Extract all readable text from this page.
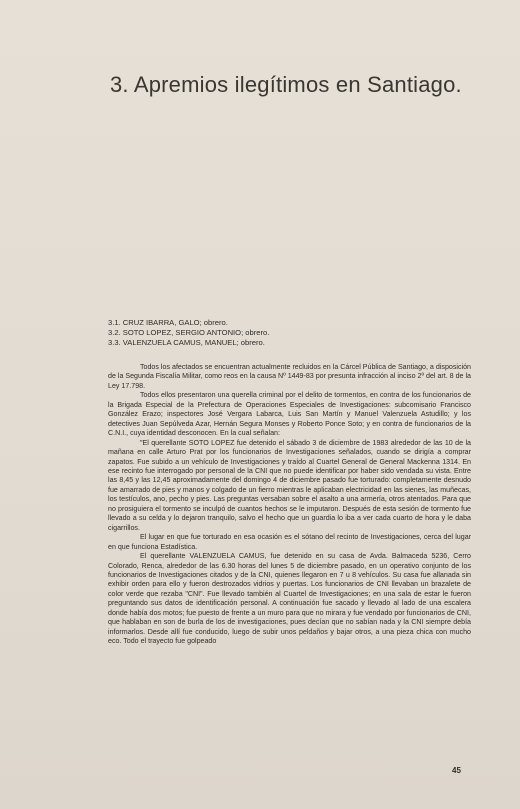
3. Apremios ilegítimos en Santiago.
3.1. CRUZ IBARRA, GALO; obrero.
3.2. SOTO LOPEZ, SERGIO ANTONIO; obrero.
3.3. VALENZUELA CAMUS, MANUEL; obrero.

Todos los afectados se encuentran actualmente recluidos en la Cárcel Pública de Santiago, a disposición de la Segunda Fiscalía Militar, como reos en la causa Nº 1449-83 por presunta infracción al inciso 2º del art. 8 de la Ley 17.798.

Todos ellos presentaron una querella criminal por el delito de tormentos, en contra de los funcionarios de la Brigada Especial de la Prefectura de Operaciones Especiales de Investigaciones: subcomisario Francisco González Erazo; inspectores José Vergara Labarca, Luis San Martín y Manuel Valenzuela Astudillo; y los detectives Juan Sepúlveda Azar, Hernán Segura Monses y Roberto Ponce Soto; y en contra de funcionarios de la C.N.I., cuya identidad desconocen. En la cual señalan:

"El querellante SOTO LOPEZ fue detenido el sábado 3 de diciembre de 1983 alrededor de las 10 de la mañana en calle Arturo Prat por los funcionarios de Investigaciones señalados, cuando se dirigía a comprar zapatos. Fue subido a un vehículo de Investigaciones y traído al Cuartel General de General Mackenna 1314. En ese recinto fue interrogado por personal de la CNI que no puede identificar por haber sido vendada su vista. Entre las 8,45 y las 12,45 aproximadamente del domingo 4 de diciembre pasado fue torturado: completamente desnudo fue amarrado de pies y manos y colgado de un fierro mientras le aplicaban electricidad en las sienes, las muñecas, los testículos, ano, pecho y pies. Las preguntas versaban sobre el asalto a una armería, otros atentados. Para que no prosiguiera el tormento se inculpó de cuantos hechos se le imputaron. Después de esta sesión de tormento fue llevado a su celda y lo dejaron tranquilo, salvo el hecho que un guardia lo iba a ver cada cuarto de hora y le daba cigarrillos.

El lugar en que fue torturado en esa ocasión es el sótano del recinto de Investigaciones, cerca del lugar en que funciona Estadística.

El querellante VALENZUELA CAMUS, fue detenido en su casa de Avda. Balmaceda 5236, Cerro Colorado, Renca, alrededor de las 6.30 horas del lunes 5 de diciembre pasado, en un operativo conjunto de los funcionarios de Investigaciones citados y de la CNI, quienes llegaron en 7 u 8 vehículos. Su casa fue allanada sin exhibir orden para ello y fueron destrozados vidrios y puertas. Los funcionarios de CNI llevaban un brazalete de color verde que rezaba "CNI". Fue llevado también al Cuartel de Investigaciones; en una sala de estar le fueron preguntando sus datos de identificación personal. A continuación fue sacado y llevado al lado de una escalera donde había dos motos; fue puesto de frente a un muro para que no mirara y fue vendado por funcionarios de CNI, que hablaban en son de burla de los de investigaciones, pues decían que no sabían nada y la CNI siempre debía informarlos. Desde allí fue conducido, luego de subir unos peldaños y bajar otros, a una pieza chica con mucho eco. Todo el trayecto fue golpeado

45
